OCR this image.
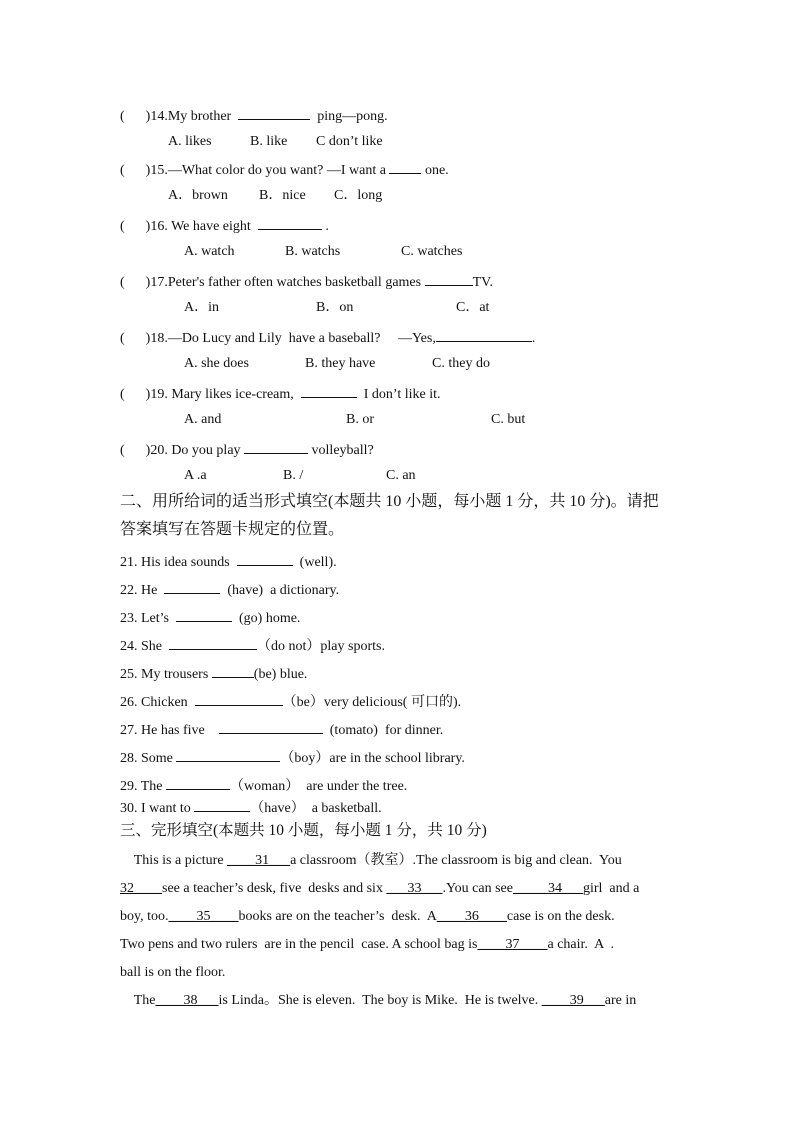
(      )14.My brother	ping—pong.
A. likes	B. like C don’t like
(      )15.—What color do you want? —I want a  one.
A．brown B．nice C．long
(      )16. We have eight	.
A. watch	B. watchs	C. watches
(      )17.Peter's father often watches basketball games	TV.
A．in	B．on	C．at
(      )18.—Do Lucy and Lily  have a baseball?     —Yes,	.
A. she does	B. they have	C. they do
(      )19. Mary likes ice-cream,	I don’t like it.
A. and	B. or	C. but
(      )20. Do you play	volleyball?
A .a	B. /	C. an
二、用所给词的适当形式填空(本题共 10 小题，每小题 1 分，共 10 分)。请把
答案填写在答题卡规定的位置。
21. His idea sounds	(well).
22. He	(have)  a dictionary.
23. Let’s	(go) home.
24. She	（do not）play sports.
25. My trousers	(be) blue.
26. Chicken	（be）very delicious( 可口的).
27. He has five	(tomato)  for dinner.
28. Some	（boy）are in the school library.
29. The	（woman）  are under the tree.
30. I want to	（have）  a basketball.
三、完形填空(本题共 10 小题，每小题 1 分，共 10 分)
This is a picture ____31___a classroom（教室）.The classroom is big and clean.  You
32____see a teacher’s desk, five  desks and six ___33___.You can see_____34___girl  and a
boy, too.____35____books are on the teacher’s  desk.  A____36____case is on the desk.
Two pens and two rulers  are in the pencil  case. A school bag is____37____a chair.  A  .
ball is on the floor.
The____38___is Linda。She is eleven.  The boy is Mike.  He is twelve. ____39___are in
